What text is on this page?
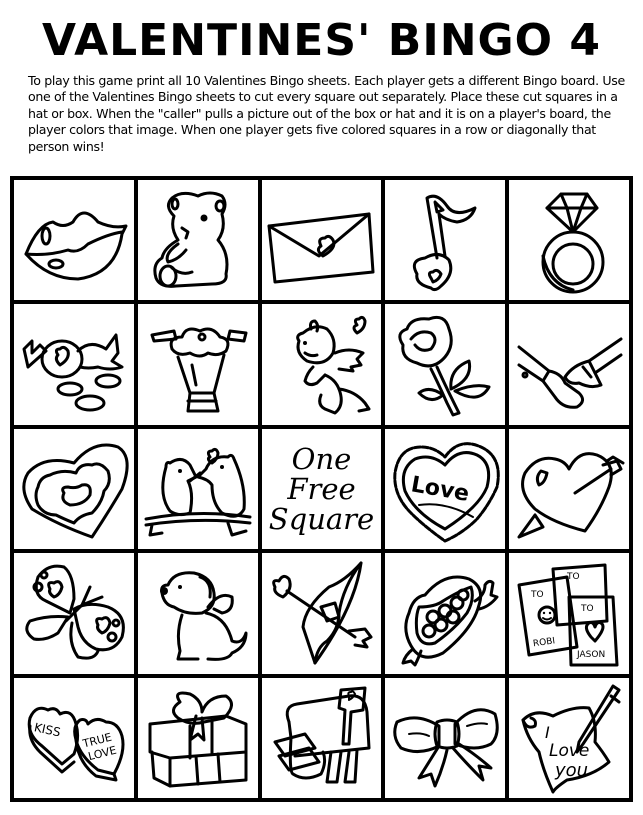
VALENTINES' BINGO 4
To play this game print all 10 Valentines Bingo sheets. Each player gets a different Bingo board. Use one of the Valentines Bingo sheets to cut every square out separately. Place these cut squares in a hat or box. When the "caller" pulls a picture out of the box or hat and it is on a player's board, the player colors that image. When one player gets five colored squares in a row or diagonally that person wins!
One
Free
Square
Love
TO
TO
ROBI
TO
JASON
KISS
TRUE
LOVE
I
Love
you
